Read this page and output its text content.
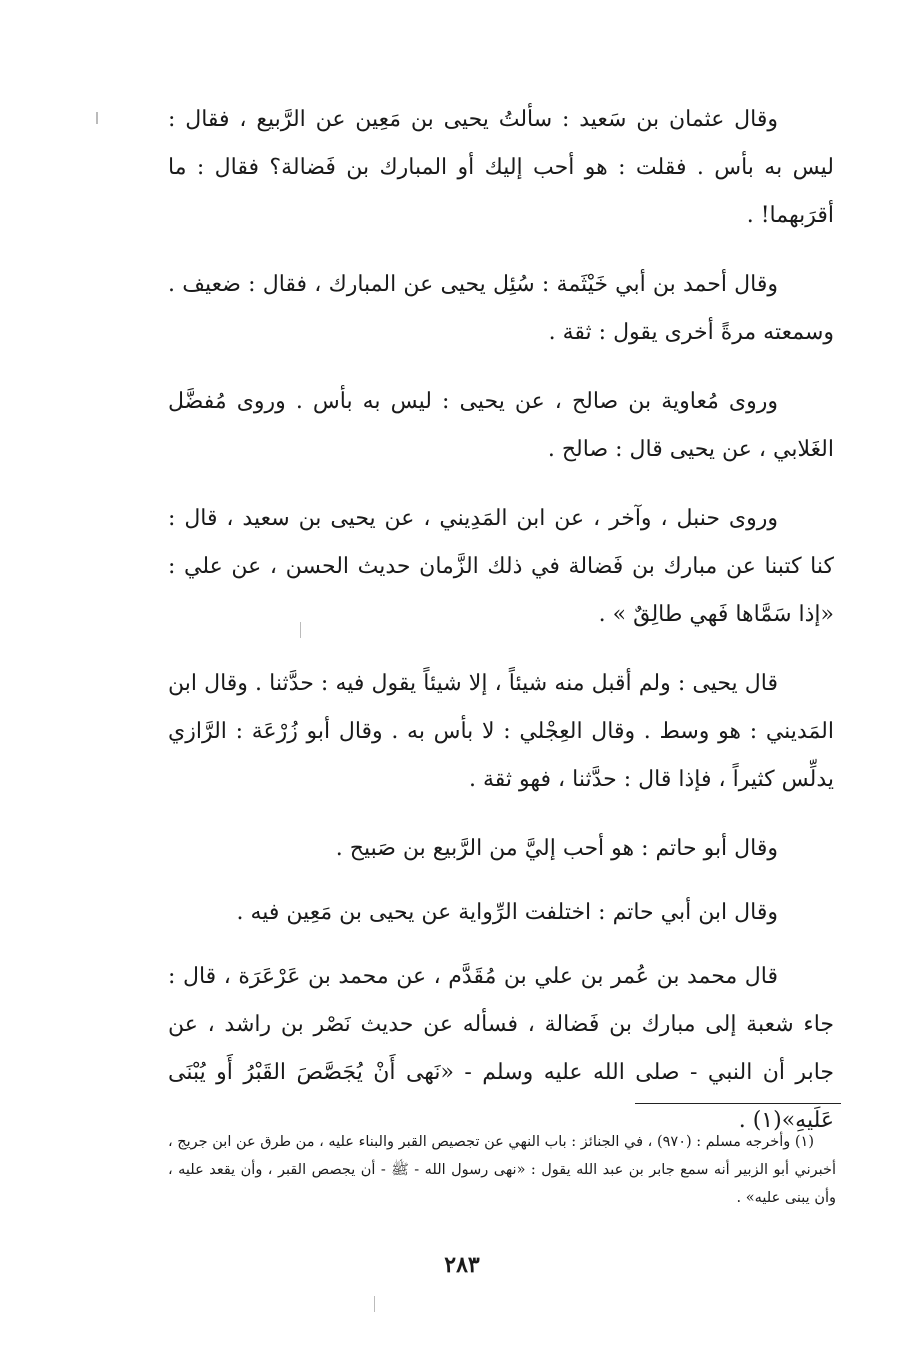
وقال عثمان بن سَعيد : سألتُ يحيى بن مَعِين عن الرَّبيع ، فقال : ليس به بأس . فقلت : هو أحب إليك أو المبارك بن فَضالة؟ فقال : ما أقرَبهما! .

وقال أحمد بن أبي خَيْثَمة : سُئِل يحيى عن المبارك ، فقال : ضعيف . وسمعته مرةً أخرى يقول : ثقة .

وروى مُعاوية بن صالح ، عن يحيى : ليس به بأس . وروى مُفضَّل الغَلابي ، عن يحيى قال : صالح .

وروى حنبل ، وآخر ، عن ابن المَدِيني ، عن يحيى بن سعيد ، قال : كنا كتبنا عن مبارك بن فَضالة في ذلك الزَّمان حديث الحسن ، عن علي : «إذا سَمَّاها فَهي طالِقٌ » .

قال يحيى : ولم أقبل منه شيئاً ، إلا شيئاً يقول فيه : حدَّثنا . وقال ابن المَديني : هو وسط . وقال العِجْلي : لا بأس به . وقال أبو زُرْعَة : الرَّازي يدلِّس كثيراً ، فإذا قال : حدَّثنا ، فهو ثقة .

وقال أبو حاتم : هو أحب إليَّ من الرَّبيع بن صَبيح .

وقال ابن أبي حاتم : اختلفت الرِّواية عن يحيى بن مَعِين فيه .

قال محمد بن عُمر بن علي بن مُقَدَّم ، عن محمد بن عَرْعَرَة ، قال : جاء شعبة إلى مبارك بن فَضالة ، فسأله عن حديث نَصْر بن راشد ، عن جابر أن النبي - صلى الله عليه وسلم - «نَهى أَنْ يُجَصَّصَ القَبْرُ أَو يُبْنَى عَلَيهِ»(١) .

(١) وأخرجه مسلم : (٩٧٠) ، في الجنائز : باب النهي عن تجصيص القبر والبناء عليه ، من طرق عن ابن جريج ، أخبرني أبو الزبير أنه سمع جابر بن عبد الله يقول : «نهى رسول الله - ﷺ - أن يجصص القبر ، وأن يقعد عليه ، وأن يبنى عليه» .

٢٨٣
